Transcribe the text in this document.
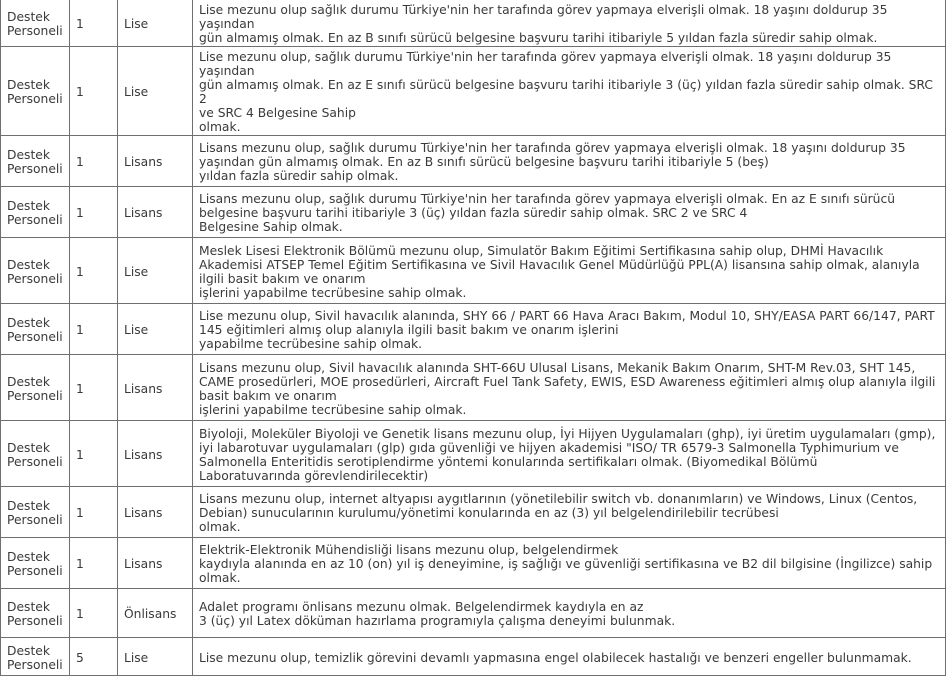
Destek Personeli	1	Lise	Lise mezunu olup sağlık durumu Türkiye'nin her tarafında görev yapmaya elverişli olmak. 18 yaşını doldurup 35 yaşından
gün almamış olmak. En az B sınıfı sürücü belgesine başvuru tarihi itibariyle 5 yıldan fazla süredir sahip olmak.
Destek Personeli	1	Lise	Lise mezunu olup, sağlık durumu Türkiye'nin her tarafında görev yapmaya elverişli olmak. 18 yaşını doldurup 35 yaşından
gün almamış olmak. En az E sınıfı sürücü belgesine başvuru tarihi itibariyle 3 (üç) yıldan fazla süredir sahip olmak. SRC 2
ve SRC 4 Belgesine Sahip
olmak.
Destek Personeli	1	Lisans	Lisans mezunu olup, sağlık durumu Türkiye'nin her tarafında görev yapmaya elverişli olmak. 18 yaşını doldurup 35
yaşından gün almamış olmak. En az B sınıfı sürücü belgesine başvuru tarihi itibariyle 5 (beş)
yıldan fazla süredir sahip olmak.
Destek Personeli	1	Lisans	Lisans mezunu olup, sağlık durumu Türkiye'nin her tarafında görev yapmaya elverişli olmak. En az E sınıfı sürücü
belgesine başvuru tarihi itibariyle 3 (üç) yıldan fazla süredir sahip olmak. SRC 2 ve SRC 4
Belgesine Sahip olmak.
Destek Personeli	1	Lise	Meslek Lisesi Elektronik Bölümü mezunu olup, Simulatör Bakım Eğitimi Sertifikasına sahip olup, DHMİ Havacılık
Akademisi ATSEP Temel Eğitim Sertifikasına ve Sivil Havacılık Genel Müdürlüğü PPL(A) lisansına sahip olmak, alanıyla
ilgili basit bakım ve onarım
işlerini yapabilme tecrübesine sahip olmak.
Destek Personeli	1	Lise	Lise mezunu olup, Sivil havacılık alanında, SHY 66 / PART 66 Hava Aracı Bakım, Modul 10, SHY/EASA PART 66/147, PART
145 eğitimleri almış olup alanıyla ilgili basit bakım ve onarım işlerini
yapabilme tecrübesine sahip olmak.
Destek Personeli	1	Lisans	Lisans mezunu olup, Sivil havacılık alanında SHT-66U Ulusal Lisans, Mekanik Bakım Onarım, SHT-M Rev.03, SHT 145,
CAME prosedürleri, MOE prosedürleri, Aircraft Fuel Tank Safety, EWIS, ESD Awareness eğitimleri almış olup alanıyla ilgili
basit bakım ve onarım
işlerini yapabilme tecrübesine sahip olmak.
Destek Personeli	1	Lisans	Biyoloji, Moleküler Biyoloji ve Genetik lisans mezunu olup, İyi Hijyen Uygulamaları (ghp), iyi üretim uygulamaları (gmp),
iyi labarotuvar uygulamaları (glp) gıda güvenliği ve hijyen akademisi "ISO/ TR 6579-3 Salmonella Typhimurium ve
Salmonella Enteritidis serotiplendirme yöntemi konularında sertifikaları olmak. (Biyomedikal Bölümü
Laboratuvarında görevlendirilecektir)
Destek Personeli	1	Lisans	Lisans mezunu olup, internet altyapısı aygıtlarının (yönetilebilir switch vb. donanımların) ve Windows, Linux (Centos,
Debian) sunucularının kurulumu/yönetimi konularında en az (3) yıl belgelendirilebilir tecrübesi
olmak.
Destek Personeli	1	Lisans	Elektrik-Elektronik Mühendisliği lisans mezunu olup, belgelendirmek
kaydıyla alanında en az 10 (on) yıl iş deneyimine, iş sağlığı ve güvenliği sertifikasına ve B2 dil bilgisine (İngilizce) sahip
olmak.
Destek Personeli	1	Önlisans	Adalet programı önlisans mezunu olmak. Belgelendirmek kaydıyla en az
3 (üç) yıl Latex döküman hazırlama programıyla çalışma deneyimi bulunmak.
Destek Personeli	5	Lise	Lise mezunu olup, temizlik görevini devamlı yapmasına engel olabilecek hastalığı ve benzeri engeller bulunmamak.
